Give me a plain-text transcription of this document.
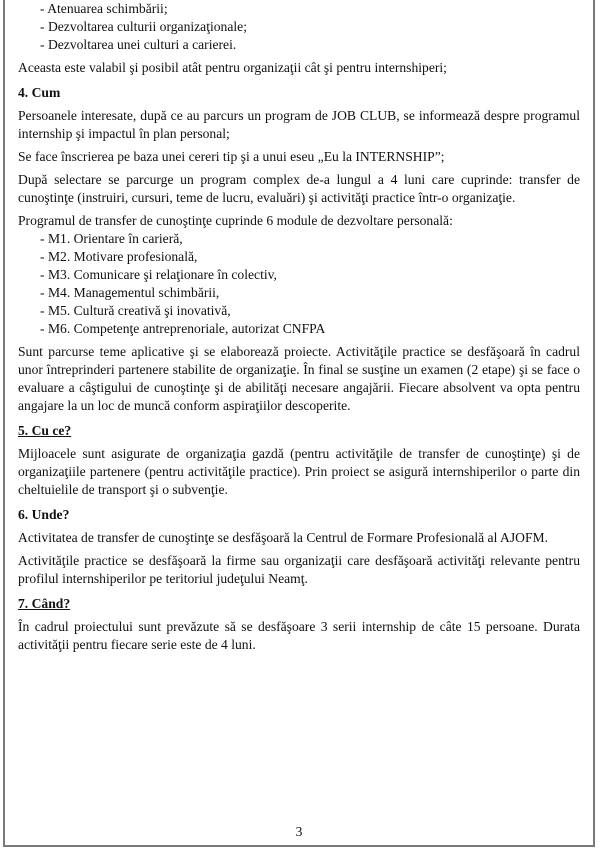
- Atenuarea schimbării;
- Dezvoltarea culturii organizaţionale;
- Dezvoltarea unei culturi a carierei.

Aceasta este valabil şi posibil atât pentru organizaţii cât şi pentru internshiperi;

4. Cum

Persoanele interesate, după ce au parcurs un program de JOB CLUB, se informează despre programul internship şi impactul în plan personal;

Se face înscrierea pe baza unei cereri tip şi a unui eseu „Eu la INTERNSHIP”;

După selectare se parcurge un program complex de-a lungul a 4 luni care cuprinde: transfer de cunoştinţe (instruiri, cursuri, teme de lucru, evaluări) şi activităţi practice într-o organizaţie.

Programul de transfer de cunoştinţe cuprinde 6 module de dezvoltare personală:

- M1. Orientare în carieră,
- M2. Motivare profesională,
- M3. Comunicare şi relaţionare în colectiv,
- M4. Managementul schimbării,
- M5. Cultură creativă şi inovativă,
- M6. Competenţe antreprenoriale, autorizat CNFPA

Sunt parcurse teme aplicative şi se elaborează proiecte. Activităţile practice se desfăşoară în cadrul unor întreprinderi partenere stabilite de organizaţie. În final se susţine un examen (2 etape) şi se face o evaluare a câştigului de cunoştinţe şi de abilităţi necesare angajării. Fiecare absolvent va opta pentru angajare la un loc de muncă conform aspiraţiilor descoperite.

5. Cu ce?

Mijloacele sunt asigurate de organizaţia gazdă (pentru activităţile de transfer de cunoştinţe) şi de organizaţiile partenere (pentru activităţile practice). Prin proiect se asigură internshiperilor o parte din cheltuielile de transport şi o subvenţie.

6. Unde?

Activitatea de transfer de cunoştinţe se desfăşoară la Centrul de Formare Profesională al AJOFM.

Activităţile practice se desfăşoară la firme sau organizaţii care desfăşoară activităţi relevante pentru profilul internshiperilor pe teritoriul judeţului Neamţ.

7. Când?

În cadrul proiectului sunt prevăzute să se desfăşoare 3 serii internship de câte 15 persoane. Durata activităţii pentru fiecare serie este de 4 luni.

3
